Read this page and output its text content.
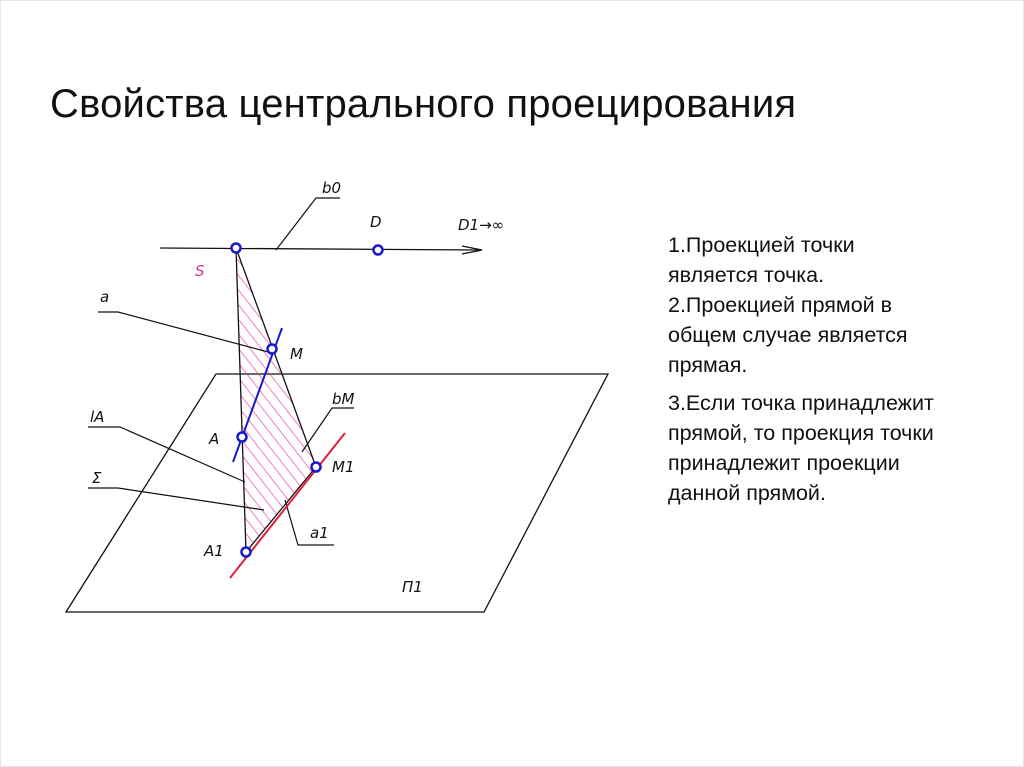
Свойства центрального проецирования

1.Проекцией точки
является точка.

2.Проекцией прямой в
общем случае является
прямая.

3.Если точка принадлежит
прямой, то проекция точки
принадлежит проекции
данной прямой.

b0
D	D1→∞
S
a
M
bM
lA
A
M1
Σ
a1
A1
П1
